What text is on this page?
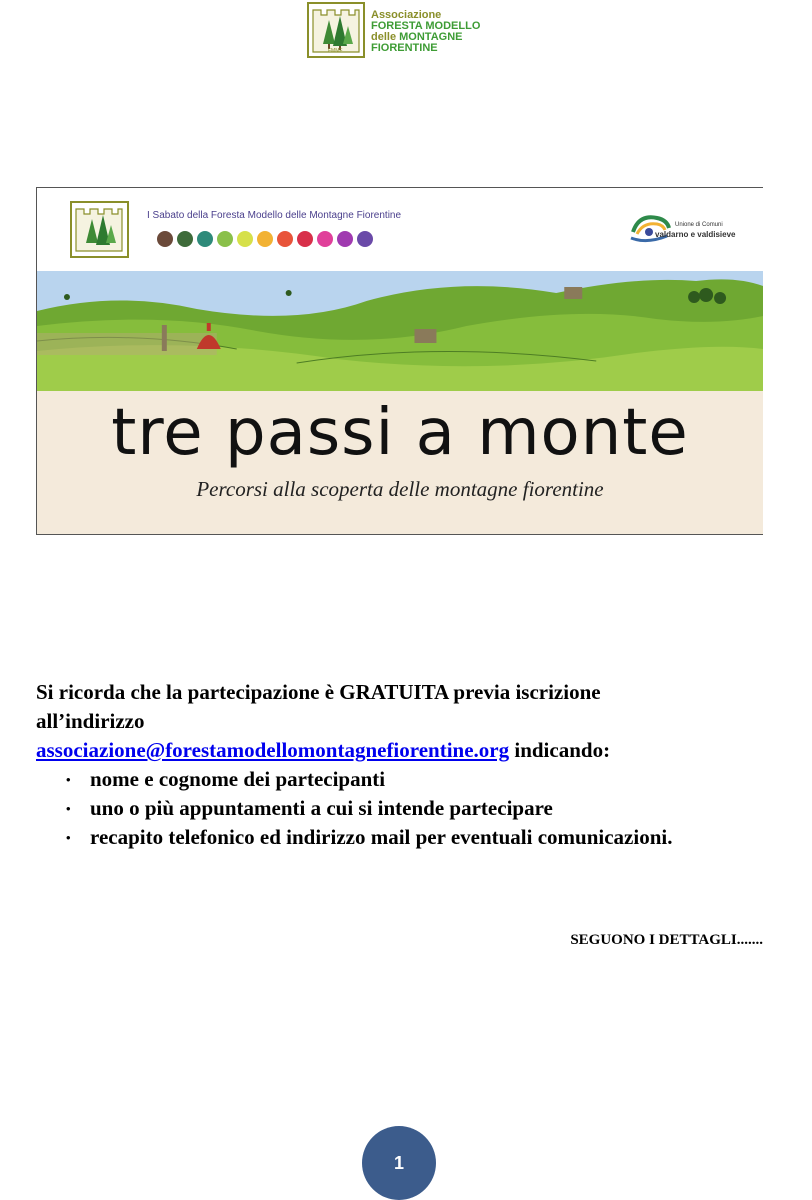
FMMF
Associazione
FORESTA MODELLO
delle MONTAGNE
FIORENTINE
I Sabato della Foresta Modello delle Montagne Fiorentine
Unione di Comuni
valdarno e valdisieve
tre passi a monte
Percorsi alla scoperta delle montagne fiorentine
Si ricorda che la partecipazione è GRATUITA previa iscrizione
all’indirizzo
associazione@forestamodellomontagnefiorentine.org indicando:
• nome e cognome dei partecipanti
• uno o più appuntamenti a cui si intende partecipare
• recapito telefonico ed indirizzo mail per eventuali comunicazioni.
SEGUONO I DETTAGLI.......
1
